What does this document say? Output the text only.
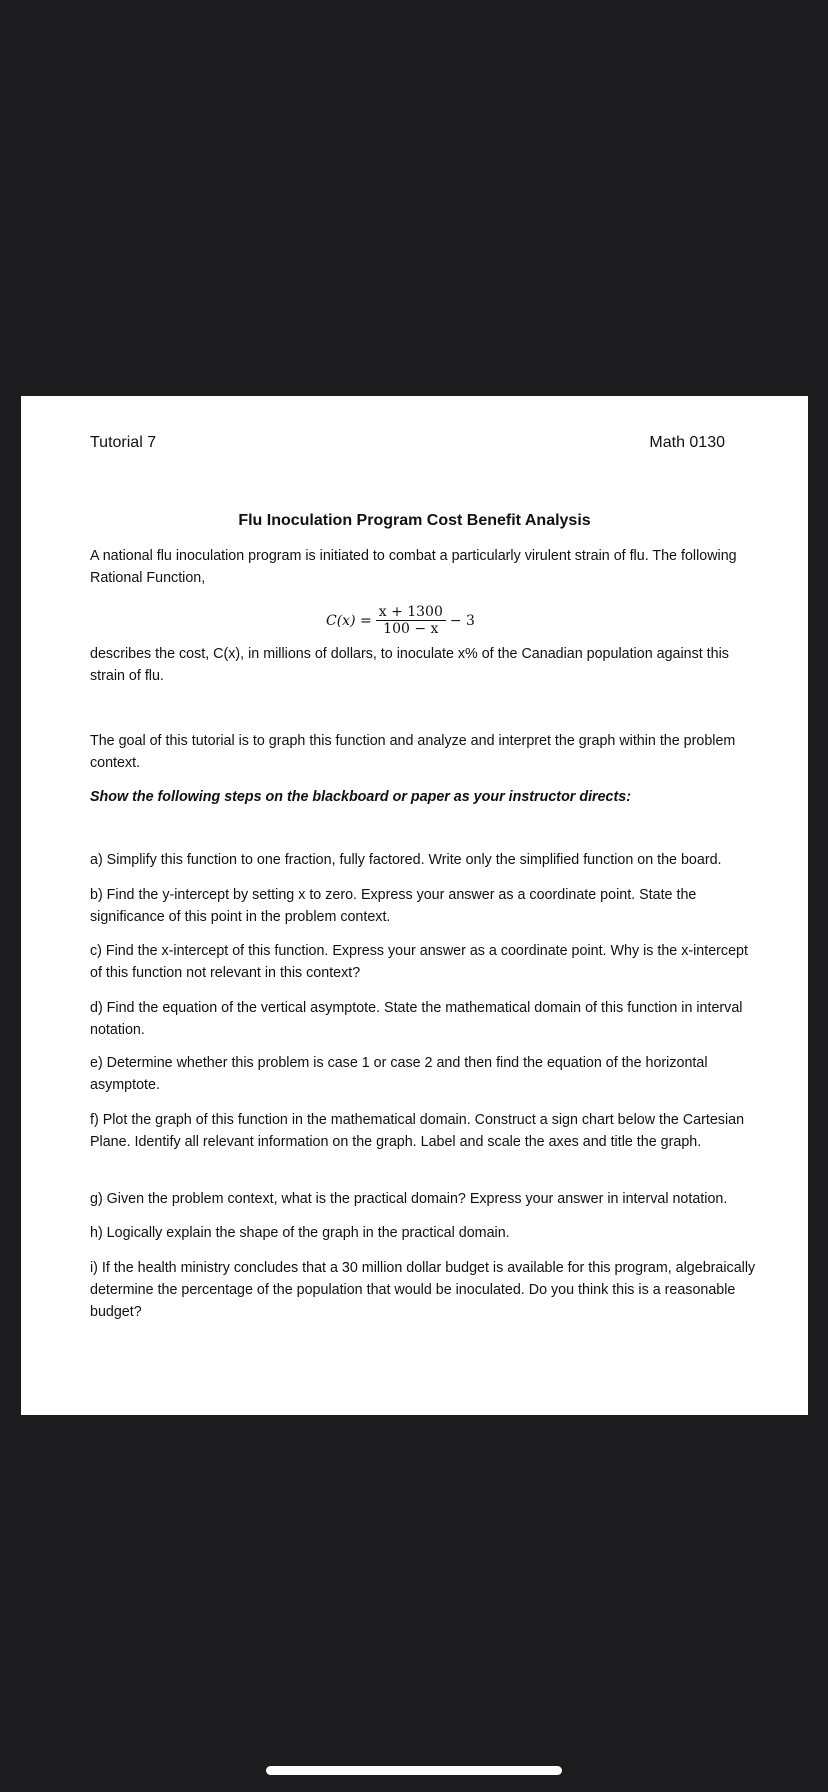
Tutorial 7	Math 0130

Flu Inoculation Program Cost Benefit Analysis

A national flu inoculation program is initiated to combat a particularly virulent strain of flu. The following Rational Function,

$C(x) = \frac{x + 1300}{100 - x} - 3$

describes the cost, C(x), in millions of dollars, to inoculate x% of the Canadian population against this strain of flu.

The goal of this tutorial is to graph this function and analyze and interpret the graph within the problem context.

Show the following steps on the blackboard or paper as your instructor directs:

a) Simplify this function to one fraction, fully factored. Write only the simplified function on the board.

b) Find the y-intercept by setting x to zero. Express your answer as a coordinate point. State the significance of this point in the problem context.

c) Find the x-intercept of this function. Express your answer as a coordinate point. Why is the x-intercept of this function not relevant in this context?

d) Find the equation of the vertical asymptote. State the mathematical domain of this function in interval notation.

e) Determine whether this problem is case 1 or case 2 and then find the equation of the horizontal asymptote.

f) Plot the graph of this function in the mathematical domain. Construct a sign chart below the Cartesian Plane. Identify all relevant information on the graph. Label and scale the axes and title the graph.

g) Given the problem context, what is the practical domain? Express your answer in interval notation.

h) Logically explain the shape of the graph in the practical domain.

i) If the health ministry concludes that a 30 million dollar budget is available for this program, algebraically determine the percentage of the population that would be inoculated. Do you think this is a reasonable budget?
